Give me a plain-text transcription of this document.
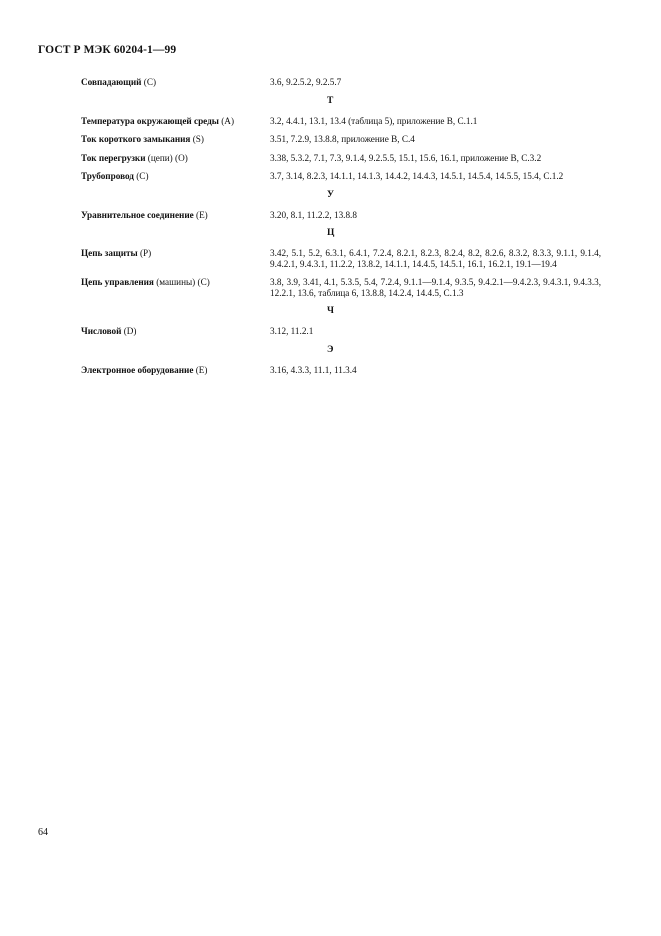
ГОСТ Р МЭК 60204-1—99
Совпадающий (С)	3.6, 9.2.5.2, 9.2.5.7
Т
Температура окружающей среды (А)	3.2, 4.4.1, 13.1, 13.4 (таблица 5), приложение В, С.1.1
Ток короткого замыкания (S)	3.51, 7.2.9, 13.8.8, приложение В, С.4
Ток перегрузки (цепи) (О)	3.38, 5.3.2, 7.1, 7.3, 9.1.4, 9.2.5.5, 15.1, 15.6, 16.1, приложение В, С.3.2
Трубопровод (С)	3.7, 3.14, 8.2.3, 14.1.1, 14.1.3, 14.4.2, 14.4.3, 14.5.1, 14.5.4, 14.5.5, 15.4, С.1.2
У
Уравнительное соединение (Е)	3.20, 8.1, 11.2.2, 13.8.8
Ц
Цепь защиты (Р)	3.42, 5.1, 5.2, 6.3.1, 6.4.1, 7.2.4, 8.2.1, 8.2.3, 8.2.4, 8.2, 8.2.6, 8.3.2, 8.3.3, 9.1.1, 9.1.4, 9.4.2.1, 9.4.3.1, 11.2.2, 13.8.2, 14.1.1, 14.4.5, 14.5.1, 16.1, 16.2.1, 19.1—19.4
Цепь управления (машины) (С)	3.8, 3.9, 3.41, 4.1, 5.3.5, 5.4, 7.2.4, 9.1.1—9.1.4, 9.3.5, 9.4.2.1—9.4.2.3, 9.4.3.1, 9.4.3.3, 12.2.1, 13.6, таблица 6, 13.8.8, 14.2.4, 14.4.5, С.1.3
Ч
Числовой (D)	3.12, 11.2.1
Э
Электронное оборудование (Е)	3.16, 4.3.3, 11.1, 11.3.4
64
